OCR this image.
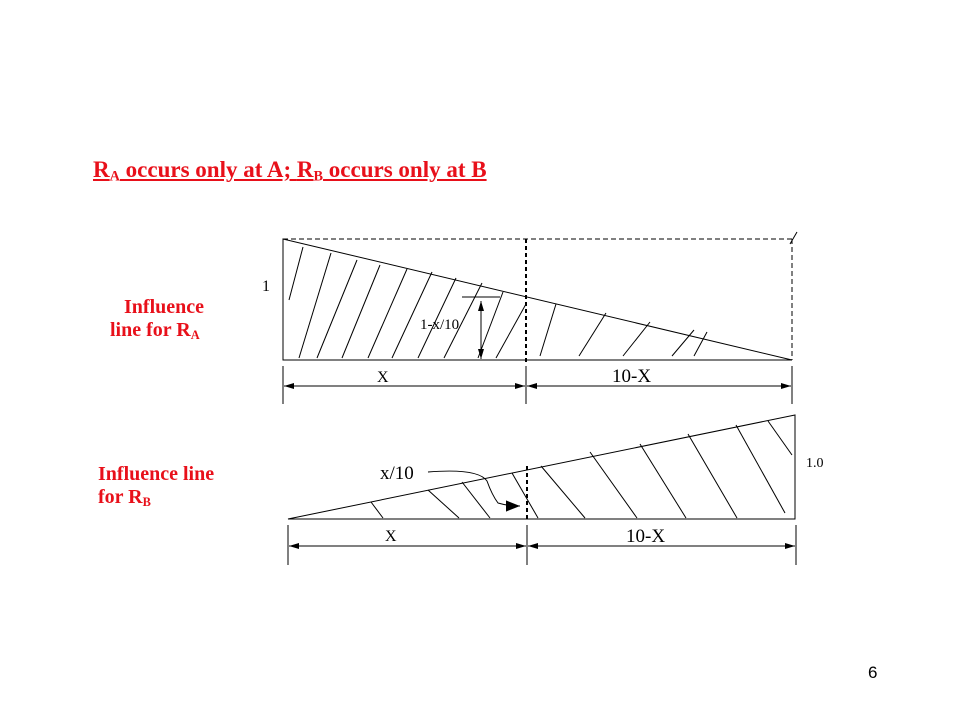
$R_A$ occurs only at A; $R_B$ occurs only at B
Influence
line for $R_A$
Influence line
for $R_B$
1
1-x/10
X	10-X
1.0
x/10
X	10-X
6
